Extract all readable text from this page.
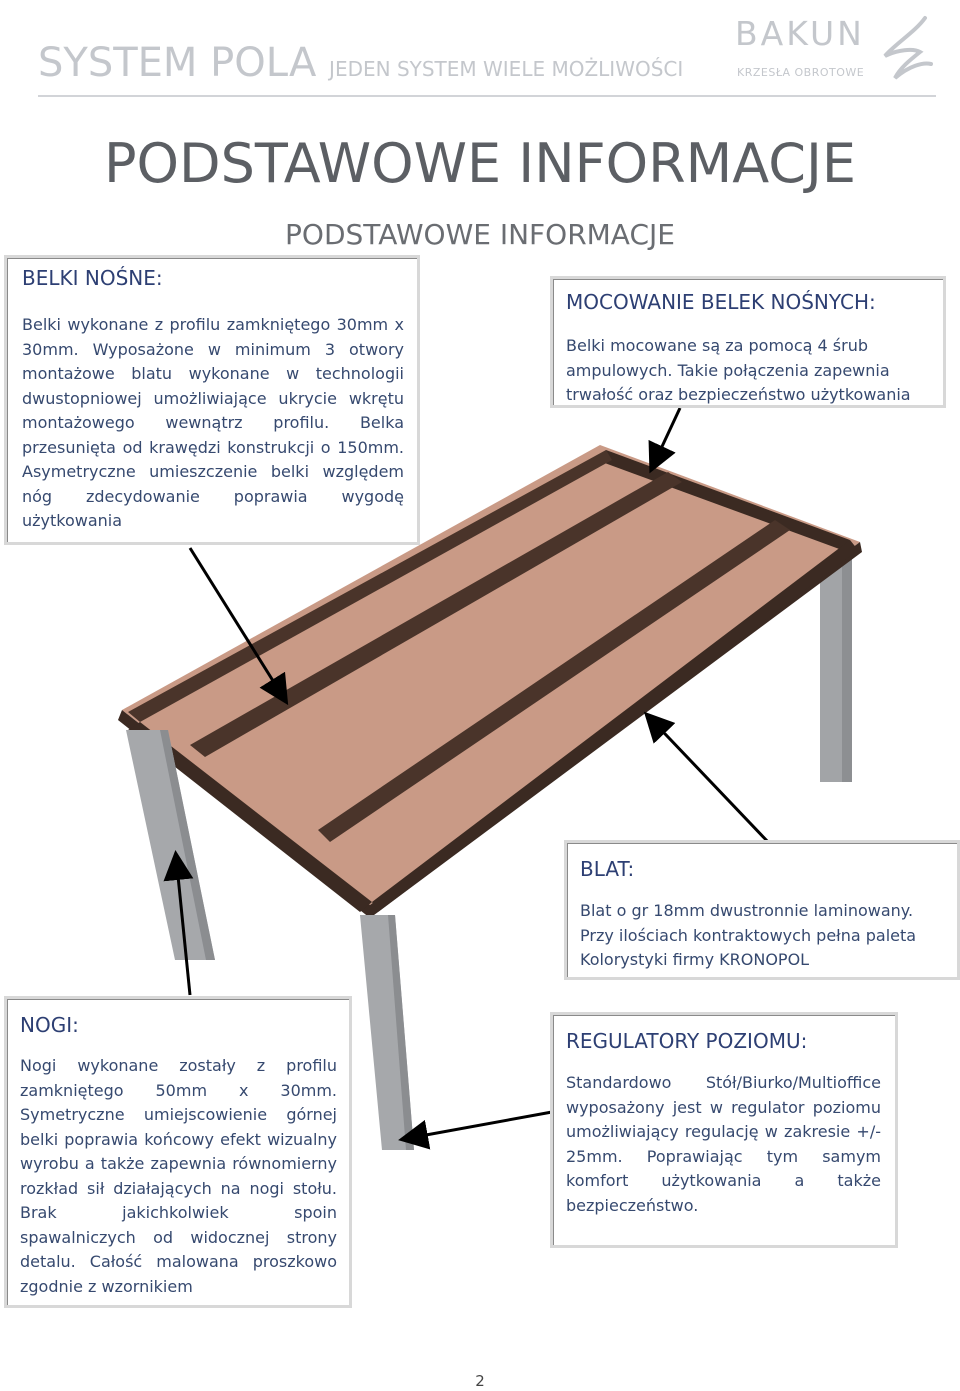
SYSTEM POLA JEDEN SYSTEM WIELE MOŻLIWOŚCI
BAKUN
KRZESŁA OBROTOWE
PODSTAWOWE INFORMACJE
PODSTAWOWE INFORMACJE
BELKI NOŚNE:
Belki wykonane z profilu zamkniętego 30mm x 30mm. Wyposażone w minimum 3 otwory montażowe blatu wykonane w technologii dwustopniowej umożliwiające ukrycie wkrętu montażowego wewnątrz profilu. Belka przesunięta od krawędzi konstrukcji o 150mm. Asymetryczne umieszczenie belki względem nóg zdecydowanie poprawia wygodę użytkowania
MOCOWANIE BELEK NOŚNYCH:
Belki mocowane są za pomocą 4 śrub ampulowych. Takie połączenia zapewnia trwałość oraz bezpieczeństwo użytkowania
BLAT:
Blat o gr 18mm dwustronnie laminowany. Przy ilościach kontraktowych pełna paleta Kolorystyki firmy KRONOPOL
NOGI:
Nogi wykonane zostały z profilu zamkniętego 50mm x 30mm. Symetryczne umiejscowienie górnej belki poprawia końcowy efekt wizualny wyrobu a także zapewnia równomierny rozkład sił działających na nogi stołu. Brak jakichkolwiek spoin spawalniczych od widocznej strony detalu. Całość malowana proszkowo zgodnie z wzornikiem
REGULATORY POZIOMU:
Standardowo Stół/Biurko/Multioffice wyposażony jest w regulator poziomu umożliwiający regulację w zakresie +/- 25mm. Poprawiając tym samym komfort użytkowania a także bezpieczeństwo.
2
